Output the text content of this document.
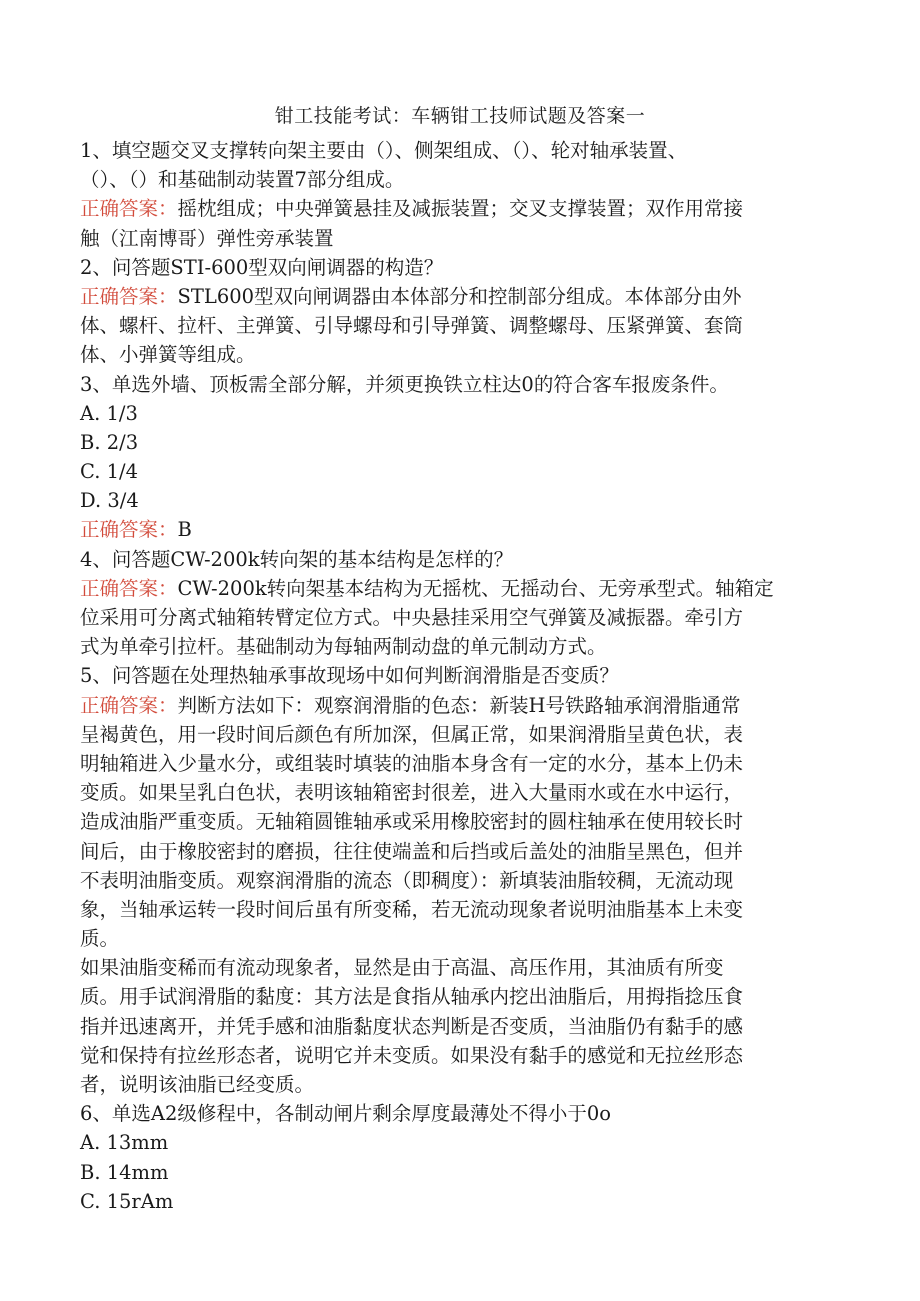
钳工技能考试：车辆钳工技师试题及答案一
1、填空题交叉支撑转向架主要由（）、侧架组成、（）、轮对轴承装置、
（）、（）和基础制动装置7部分组成。
正确答案：摇枕组成；中央弹簧悬挂及减振装置；交叉支撑装置；双作用常接
触（江南博哥）弹性旁承装置
2、问答题STI-600型双向闸调器的构造？
正确答案：STL600型双向闸调器由本体部分和控制部分组成。本体部分由外
体、螺杆、拉杆、主弹簧、引导螺母和引导弹簧、调整螺母、压紧弹簧、套筒
体、小弹簧等组成。
3、单选外墙、顶板需全部分解，并须更换铁立柱达0的符合客车报废条件。
A. 1/3
B. 2/3
C. 1/4
D. 3/4
正确答案：B
4、问答题CW-200k转向架的基本结构是怎样的？
正确答案：CW-200k转向架基本结构为无摇枕、无摇动台、无旁承型式。轴箱定
位采用可分离式轴箱转臂定位方式。中央悬挂采用空气弹簧及减振器。牵引方
式为单牵引拉杆。基础制动为每轴两制动盘的单元制动方式。
5、问答题在处理热轴承事故现场中如何判断润滑脂是否变质？
正确答案：判断方法如下：观察润滑脂的色态：新装H号铁路轴承润滑脂通常
呈褐黄色，用一段时间后颜色有所加深，但属正常，如果润滑脂呈黄色状，表
明轴箱进入少量水分，或组装时填装的油脂本身含有一定的水分，基本上仍未
变质。如果呈乳白色状，表明该轴箱密封很差，进入大量雨水或在水中运行，
造成油脂严重变质。无轴箱圆锥轴承或采用橡胶密封的圆柱轴承在使用较长时
间后，由于橡胶密封的磨损，往往使端盖和后挡或后盖处的油脂呈黑色，但并
不表明油脂变质。观察润滑脂的流态（即稠度）：新填装油脂较稠，无流动现
象，当轴承运转一段时间后虽有所变稀，若无流动现象者说明油脂基本上未变
质。
如果油脂变稀而有流动现象者，显然是由于高温、高压作用，其油质有所变
质。用手试润滑脂的黏度：其方法是食指从轴承内挖出油脂后，用拇指捻压食
指并迅速离开，并凭手感和油脂黏度状态判断是否变质，当油脂仍有黏手的感
觉和保持有拉丝形态者，说明它并未变质。如果没有黏手的感觉和无拉丝形态
者，说明该油脂已经变质。
6、单选A2级修程中，各制动闸片剩余厚度最薄处不得小于0o
A. 13mm
B. 14mm
C. 15rAm
